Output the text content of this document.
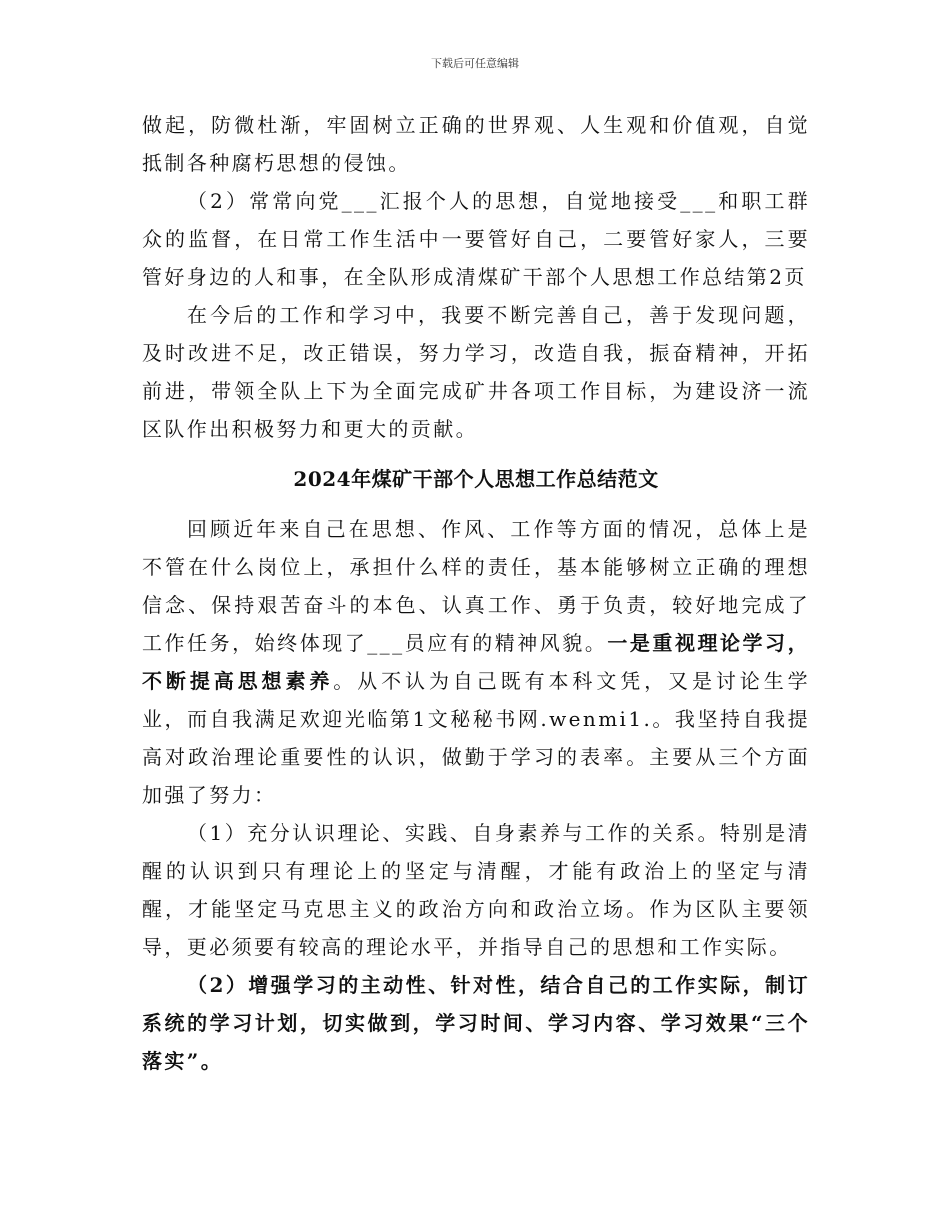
下载后可任意编辑

做起，防微杜渐，牢固树立正确的世界观、人生观和价值观，自觉抵制各种腐朽思想的侵蚀。

（2）常常向党___汇报个人的思想，自觉地接受___和职工群众的监督，在日常工作生活中一要管好自己，二要管好家人，三要管好身边的人和事，在全队形成清煤矿干部个人思想工作总结第2页

在今后的工作和学习中，我要不断完善自己，善于发现问题，及时改进不足，改正错误，努力学习，改造自我，振奋精神，开拓前进，带领全队上下为全面完成矿井各项工作目标，为建设济一流区队作出积极努力和更大的贡献。

2024年煤矿干部个人思想工作总结范文

回顾近年来自己在思想、作风、工作等方面的情况，总体上是不管在什么岗位上，承担什么样的责任，基本能够树立正确的理想信念、保持艰苦奋斗的本色、认真工作、勇于负责，较好地完成了工作任务，始终体现了___员应有的精神风貌。一是重视理论学习，不断提高思想素养。从不认为自己既有本科文凭，又是讨论生学业，而自我满足欢迎光临第1文秘秘书网.wenmi1.。我坚持自我提高对政治理论重要性的认识，做勤于学习的表率。主要从三个方面加强了努力：

（1）充分认识理论、实践、自身素养与工作的关系。特别是清醒的认识到只有理论上的坚定与清醒，才能有政治上的坚定与清醒，才能坚定马克思主义的政治方向和政治立场。作为区队主要领导，更必须要有较高的理论水平，并指导自己的思想和工作实际。

（2）增强学习的主动性、针对性，结合自己的工作实际，制订系统的学习计划，切实做到，学习时间、学习内容、学习效果“三个落实”。
